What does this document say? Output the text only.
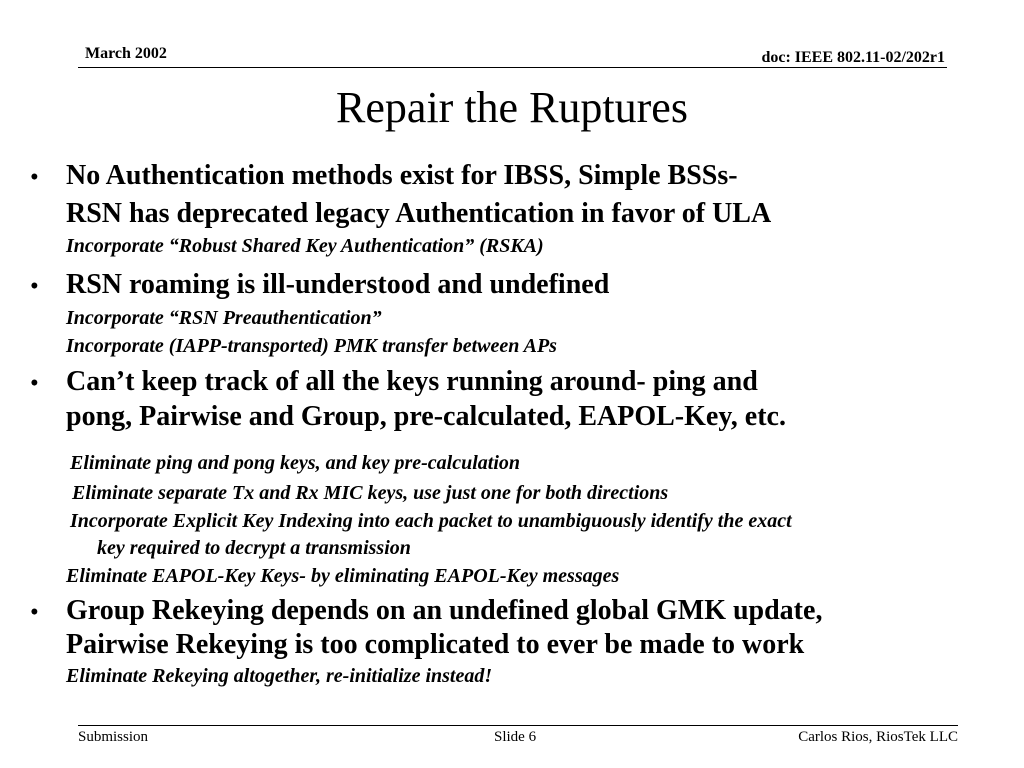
March 2002	doc: IEEE 802.11-02/202r1
Repair the Ruptures
• No Authentication methods exist for IBSS, Simple BSSs-
RSN has deprecated legacy Authentication in favor of ULA
Incorporate “Robust Shared Key Authentication” (RSKA)
• RSN roaming is ill-understood and undefined
Incorporate “RSN Preauthentication”
Incorporate (IAPP-transported) PMK transfer between APs
• Can’t keep track of all the keys running around- ping and
pong, Pairwise and Group, pre-calculated, EAPOL-Key, etc.
Eliminate ping and pong keys, and key pre-calculation
Eliminate separate Tx and Rx MIC keys, use just one for both directions
Incorporate Explicit Key Indexing into each packet to unambiguously identify the exact
key required to decrypt a transmission
Eliminate EAPOL-Key Keys- by eliminating EAPOL-Key messages
• Group Rekeying depends on an undefined global GMK update,
Pairwise Rekeying is too complicated to ever be made to work
Eliminate Rekeying altogether, re-initialize instead!
Submission	Slide 6	Carlos Rios, RiosTek LLC
